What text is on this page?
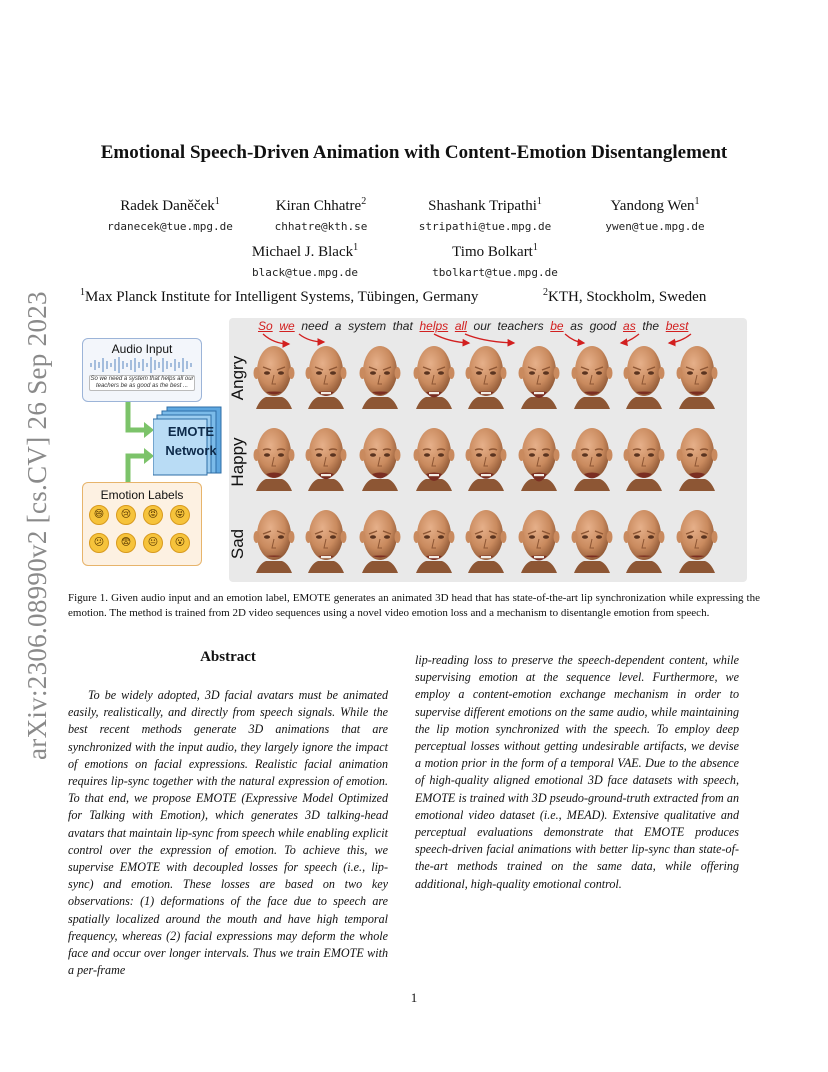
arXiv:2306.08990v2 [cs.CV] 26 Sep 2023
Emotional Speech-Driven Animation with Content-Emotion Disentanglement
Radek Daněček$^1$
rdanecek@tue.mpg.de
Kiran Chhatre$^2$
chhatre@kth.se
Shashank Tripathi$^1$
stripathi@tue.mpg.de
Yandong Wen$^1$
ywen@tue.mpg.de
Michael J. Black$^1$
black@tue.mpg.de
Timo Bolkart$^1$
tbolkart@tue.mpg.de
$^1$Max Planck Institute for Intelligent Systems, Tübingen, Germany	$^2$KTH, Stockholm, Sweden
So we need a system that helps all our teachers be as good as the best
Angry
Happy
Sad
Audio Input
So we need a system that helps all our teachers be as good as the best ...
EMOTE
Network
Emotion Labels
😄	😢	😡	😝
😕	😨	😐	😮
Figure 1. Given audio input and an emotion label, EMOTE generates an animated 3D head that has state-of-the-art lip synchronization while expressing the emotion. The method is trained from 2D video sequences using a novel video emotion loss and a mechanism to disentangle emotion from speech.
Abstract

To be widely adopted, 3D facial avatars must be animated easily, realistically, and directly from speech signals. While the best recent methods generate 3D animations that are synchronized with the input audio, they largely ignore the impact of emotions on facial expressions. Realistic facial animation requires lip-sync together with the natural expression of emotion. To that end, we propose EMOTE (Expressive Model Optimized for Talking with Emotion), which generates 3D talking-head avatars that maintain lip-sync from speech while enabling explicit control over the expression of emotion. To achieve this, we supervise EMOTE with decoupled losses for speech (i.e., lip-sync) and emotion. These losses are based on two key observations: (1) deformations of the face due to speech are spatially localized around the mouth and have high temporal frequency, whereas (2) facial expressions may deform the whole face and occur over longer intervals. Thus we train EMOTE with a per-frame

lip-reading loss to preserve the speech-dependent content, while supervising emotion at the sequence level. Furthermore, we employ a content-emotion exchange mechanism in order to supervise different emotions on the same audio, while maintaining the lip motion synchronized with the speech. To employ deep perceptual losses without getting undesirable artifacts, we devise a motion prior in the form of a temporal VAE. Due to the absence of high-quality aligned emotional 3D face datasets with speech, EMOTE is trained with 3D pseudo-ground-truth extracted from an emotional video dataset (i.e., MEAD). Extensive qualitative and perceptual evaluations demonstrate that EMOTE produces speech-driven facial animations with better lip-sync than state-of-the-art methods trained on the same data, while offering additional, high-quality emotional control.

1
